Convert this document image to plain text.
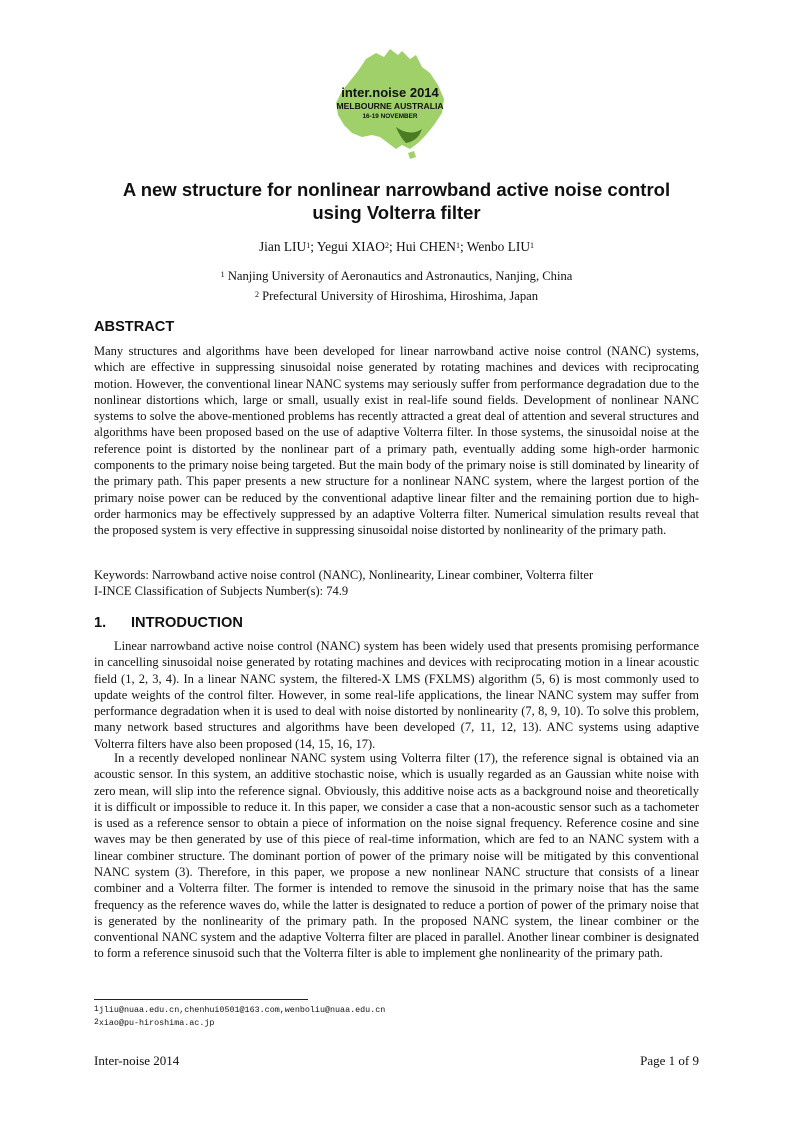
inter.noise 2014
MELBOURNE AUSTRALIA
16-19 NOVEMBER
A new structure for nonlinear narrowband active noise control
using Volterra filter
Jian LIU$^1$; Yegui XIAO$^2$; Hui CHEN$^1$; Wenbo LIU$^1$
$^1$ Nanjing University of Aeronautics and Astronautics, Nanjing, China
$^2$ Prefectural University of Hiroshima, Hiroshima, Japan
ABSTRACT

Many structures and algorithms have been developed for linear narrowband active noise control (NANC) systems, which are effective in suppressing sinusoidal noise generated by rotating machines and devices with reciprocating motion. However, the conventional linear NANC systems may seriously suffer from performance degradation due to the nonlinear distortions which, large or small, usually exist in real-life sound fields. Development of nonlinear NANC systems to solve the above-mentioned problems has recently attracted a great deal of attention and several structures and algorithms have been proposed based on the use of adaptive Volterra filter. In those systems, the sinusoidal noise at the reference point is distorted by the nonlinear part of a primary path, eventually adding some high-order harmonic components to the primary noise being targeted. But the main body of the primary noise is still dominated by linearity of the primary path. This paper presents a new structure for a nonlinear NANC system, where the largest portion of the primary noise power can be reduced by the conventional adaptive linear filter and the remaining portion due to high-order harmonics may be effectively suppressed by an adaptive Volterra filter. Numerical simulation results reveal that the proposed system is very effective in suppressing sinusoidal noise distorted by nonlinearity of the primary path.

Keywords: Narrowband active noise control (NANC), Nonlinearity, Linear combiner, Volterra filter
I-INCE Classification of Subjects Number(s): 74.9
1. INTRODUCTION

Linear narrowband active noise control (NANC) system has been widely used that presents promising performance in cancelling sinusoidal noise generated by rotating machines and devices with reciprocating motion in a linear acoustic field (1, 2, 3, 4). In a linear NANC system, the filtered-X LMS (FXLMS) algorithm (5, 6) is most commonly used to update weights of the control filter. However, in some real-life applications, the linear NANC system may suffer from performance degradation when it is used to deal with noise distorted by nonlinearity (7, 8, 9, 10). To solve this problem, many network based structures and algorithms have been developed (7, 11, 12, 13). ANC systems using adaptive Volterra filters have also been proposed (14, 15, 16, 17).

In a recently developed nonlinear NANC system using Volterra filter (17), the reference signal is obtained via an acoustic sensor. In this system, an additive stochastic noise, which is usually regarded as an Gaussian white noise with zero mean, will slip into the reference signal. Obviously, this additive noise acts as a background noise and theoretically it is difficult or impossible to reduce it. In this paper, we consider a case that a non-acoustic sensor such as a tachometer is used as a reference sensor to obtain a piece of information on the noise signal frequency. Reference cosine and sine waves may be then generated by use of this piece of real-time information, which are fed to an NANC system with a linear combiner structure. The dominant portion of power of the primary noise will be mitigated by this conventional NANC system (3). Therefore, in this paper, we propose a new nonlinear NANC structure that consists of a linear combiner and a Volterra filter. The former is intended to remove the sinusoid in the primary noise that has the same frequency as the reference waves do, while the latter is designated to reduce a portion of power of the primary noise that is generated by the nonlinearity of the primary path. In the proposed NANC system, the linear combiner or the conventional NANC system and the adaptive Volterra filter are placed in parallel. Another linear combiner is designated to form a reference sinusoid such that the Volterra filter is able to implement ghe nonlinearity of the primary path.

$^1$jliu@nuaa.edu.cn,chenhui0501@163.com,wenboliu@nuaa.edu.cn
$^2$xiao@pu-hiroshima.ac.jp
Inter-noise 2014	Page 1 of 9
